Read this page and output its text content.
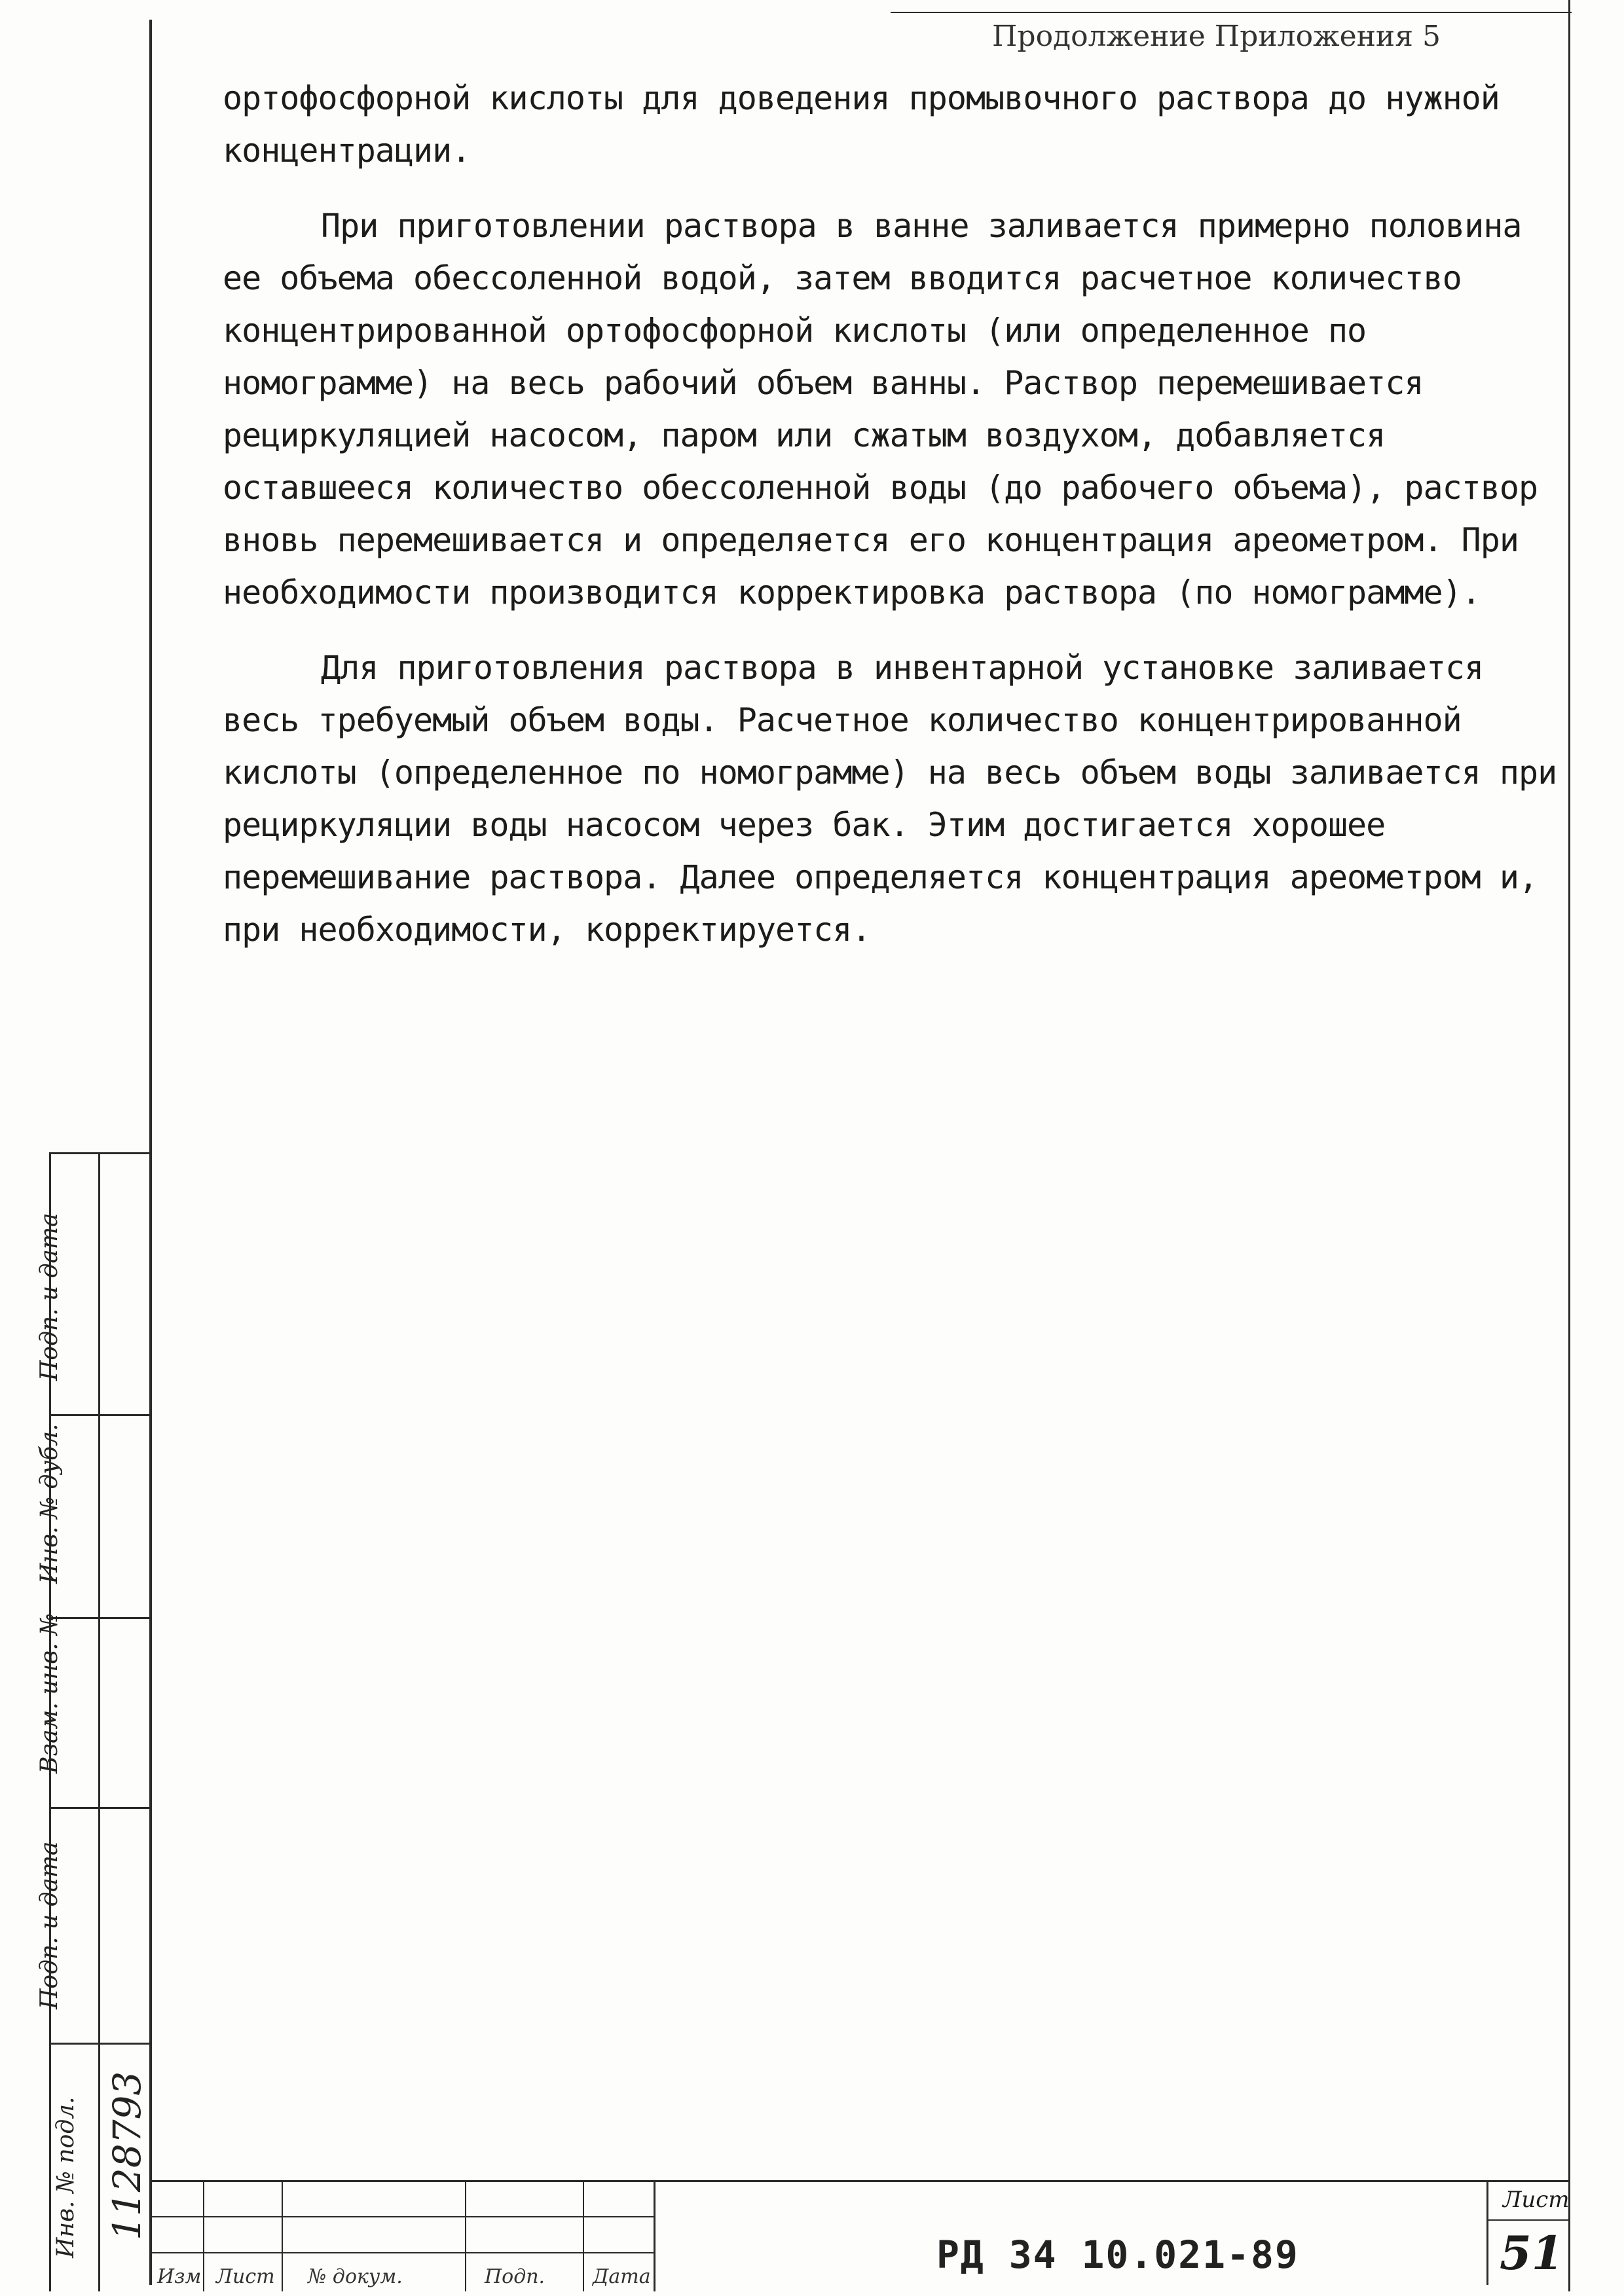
Продолжение Приложения 5

ортофосфорной кислоты для доведения промывочного раствора до нужной концентрации.

При приготовлении раствора в ванне заливается примерно половина ее объема обессоленной водой, затем вводится расчетное количество концентрированной ортофосфорной кислоты (или определенное по номограмме) на весь рабочий объем ванны. Раствор перемешивается рециркуляцией насосом, паром или сжатым воздухом, добавляется оставшееся количество обессоленной воды (до рабочего объема), раствор вновь перемешивается и определяется его концентрация ареометром. При необходимости производится корректировка раствора (по номограмме).

Для приготовления раствора в инвентарной установке заливается весь требуемый объем воды. Расчетное количество концентрированной кислоты (определенное по номограмме) на весь объем воды заливается при рециркуляции воды насосом через бак. Этим достигается хорошее перемешивание раствора. Далее определяется концентрация ареометром и, при необходимости, корректируется.

Подп. и дата
Инв. № дубл.
Взам. инв. №
Подп. и дата
Инв. № подл. 1128793
Изм Лист № докум.	Подп. Дата	РД 34 10.021-89
Лист
51
